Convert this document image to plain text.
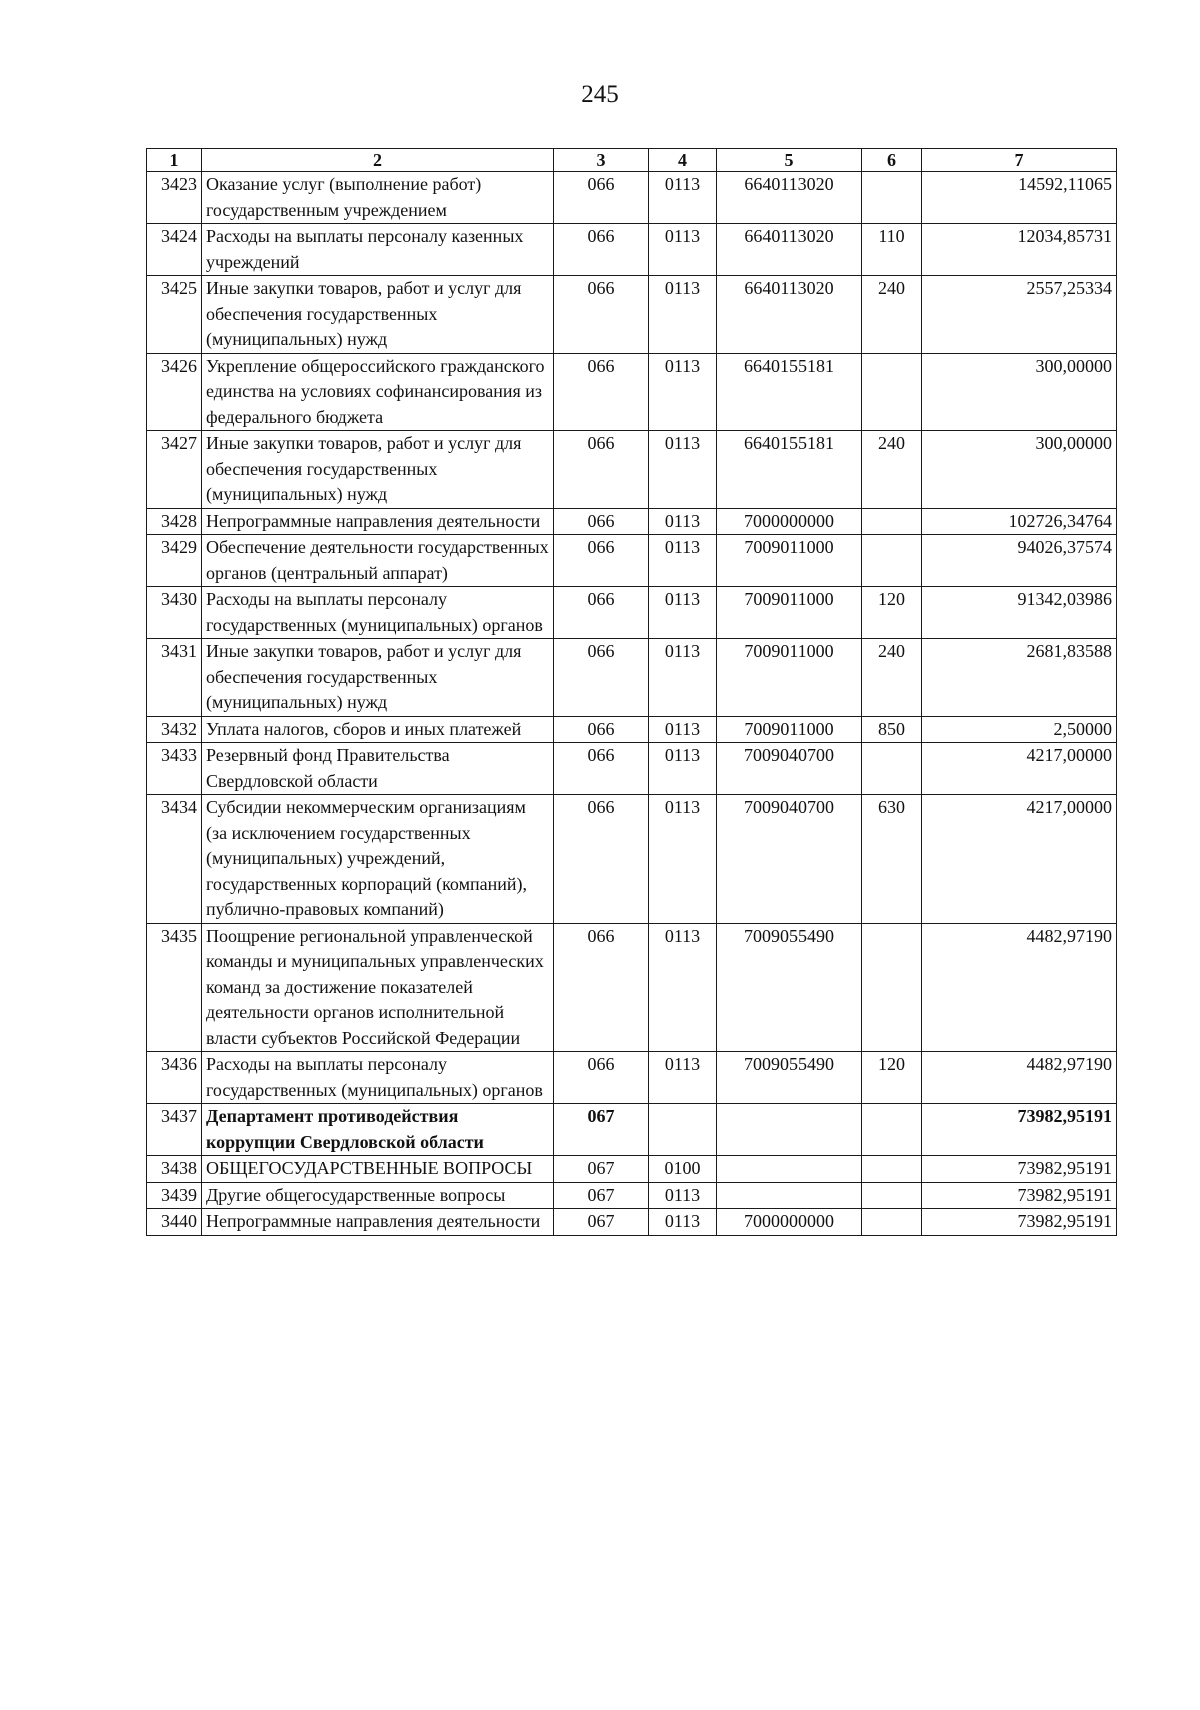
245
1	2	3	4	5	6	7
3423	Оказание услуг (выполнение работ) государственным учреждением	066	0113	6640113020		14592,11065
3424	Расходы на выплаты персоналу казенных учреждений	066	0113	6640113020	110	12034,85731
3425	Иные закупки товаров, работ и услуг для обеспечения государственных (муниципальных) нужд	066	0113	6640113020	240	2557,25334
3426	Укрепление общероссийского гражданского единства на условиях софинансирования из федерального бюджета	066	0113	6640155181		300,00000
3427	Иные закупки товаров, работ и услуг для обеспечения государственных (муниципальных) нужд	066	0113	6640155181	240	300,00000
3428	Непрограммные направления деятельности	066	0113	7000000000		102726,34764
3429	Обеспечение деятельности государственных органов (центральный аппарат)	066	0113	7009011000		94026,37574
3430	Расходы на выплаты персоналу государственных (муниципальных) органов	066	0113	7009011000	120	91342,03986
3431	Иные закупки товаров, работ и услуг для обеспечения государственных (муниципальных) нужд	066	0113	7009011000	240	2681,83588
3432	Уплата налогов, сборов и иных платежей	066	0113	7009011000	850	2,50000
3433	Резервный фонд Правительства Свердловской области	066	0113	7009040700		4217,00000
3434	Субсидии некоммерческим организациям (за исключением государственных (муниципальных) учреждений, государственных корпораций (компаний), публично-правовых компаний)	066	0113	7009040700	630	4217,00000
3435	Поощрение региональной управленческой команды и муниципальных управленческих команд за достижение показателей деятельности органов исполнительной власти субъектов Российской Федерации	066	0113	7009055490		4482,97190
3436	Расходы на выплаты персоналу государственных (муниципальных) органов	066	0113	7009055490	120	4482,97190
3437	Департамент противодействия коррупции Свердловской области	067				73982,95191
3438	ОБЩЕГОСУДАРСТВЕННЫЕ ВОПРОСЫ	067	0100			73982,95191
3439	Другие общегосударственные вопросы	067	0113			73982,95191
3440	Непрограммные направления деятельности	067	0113	7000000000		73982,95191
